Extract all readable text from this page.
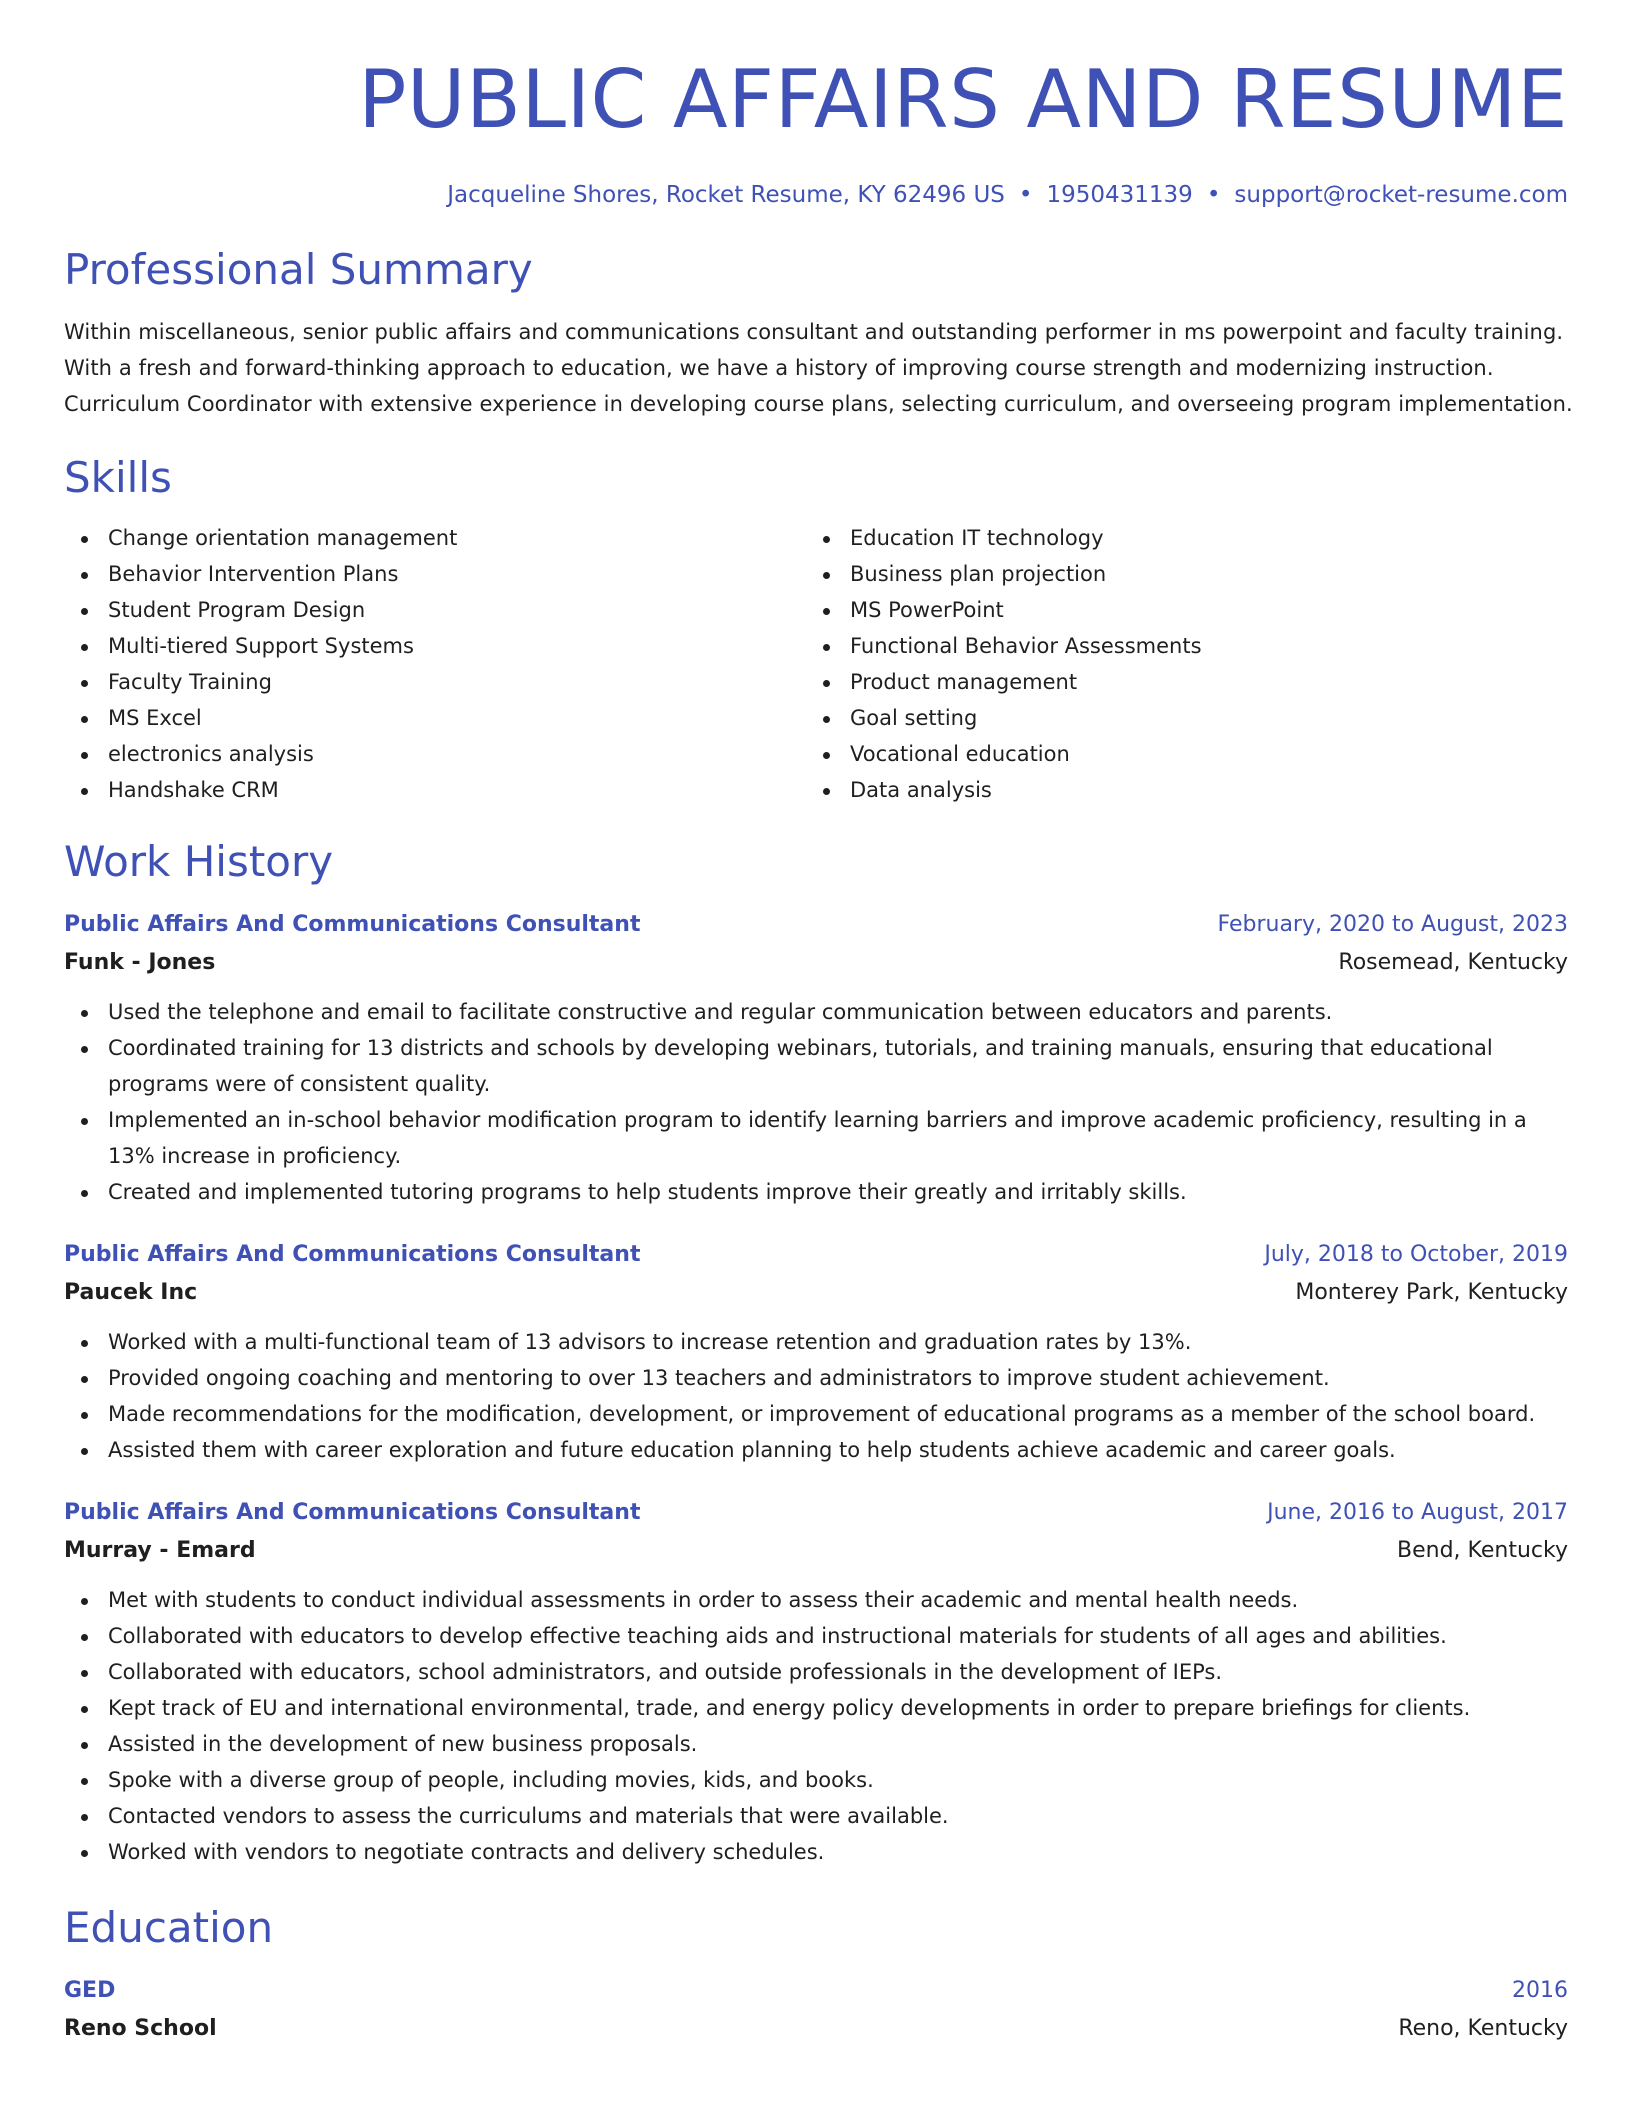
PUBLIC AFFAIRS AND RESUME
Jacqueline Shores, Rocket Resume, KY 62496 US • 1950431139 • support@rocket-resume.com
Professional Summary
Within miscellaneous, senior public affairs and communications consultant and outstanding performer in ms powerpoint and faculty training.
With a fresh and forward-thinking approach to education, we have a history of improving course strength and modernizing instruction.
Curriculum Coordinator with extensive experience in developing course plans, selecting curriculum, and overseeing program implementation.
Skills
Change orientation management
Behavior Intervention Plans
Student Program Design
Multi-tiered Support Systems
Faculty Training
MS Excel
electronics analysis
Handshake CRM
Education IT technology
Business plan projection
MS PowerPoint
Functional Behavior Assessments
Product management
Goal setting
Vocational education
Data analysis
Work History
Public Affairs And Communications Consultant	February, 2020 to August, 2023
Funk - Jones	Rosemead, Kentucky
Used the telephone and email to facilitate constructive and regular communication between educators and parents.
Coordinated training for 13 districts and schools by developing webinars, tutorials, and training manuals, ensuring that educational programs were of consistent quality.
Implemented an in-school behavior modification program to identify learning barriers and improve academic proficiency, resulting in a 13% increase in proficiency.
Created and implemented tutoring programs to help students improve their greatly and irritably skills.
Public Affairs And Communications Consultant	July, 2018 to October, 2019
Paucek Inc	Monterey Park, Kentucky
Worked with a multi-functional team of 13 advisors to increase retention and graduation rates by 13%.
Provided ongoing coaching and mentoring to over 13 teachers and administrators to improve student achievement.
Made recommendations for the modification, development, or improvement of educational programs as a member of the school board.
Assisted them with career exploration and future education planning to help students achieve academic and career goals.
Public Affairs And Communications Consultant	June, 2016 to August, 2017
Murray - Emard	Bend, Kentucky
Met with students to conduct individual assessments in order to assess their academic and mental health needs.
Collaborated with educators to develop effective teaching aids and instructional materials for students of all ages and abilities.
Collaborated with educators, school administrators, and outside professionals in the development of IEPs.
Kept track of EU and international environmental, trade, and energy policy developments in order to prepare briefings for clients.
Assisted in the development of new business proposals.
Spoke with a diverse group of people, including movies, kids, and books.
Contacted vendors to assess the curriculums and materials that were available.
Worked with vendors to negotiate contracts and delivery schedules.
Education
GED	2016
Reno School	Reno, Kentucky
